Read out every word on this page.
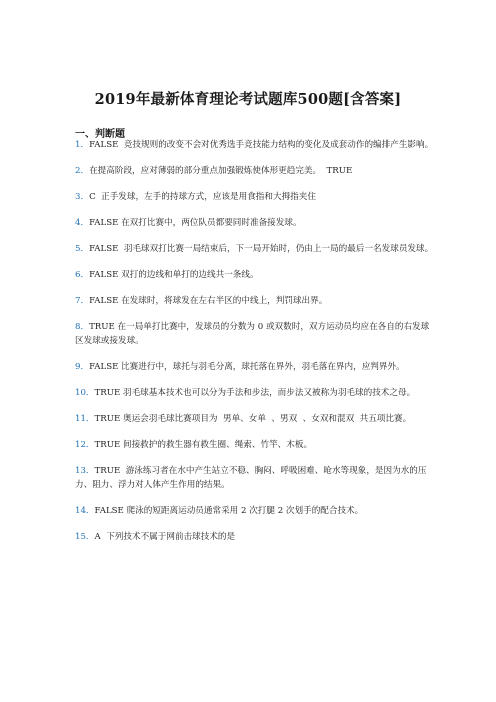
2019年最新体育理论考试题库500题[含答案]
一、判断题
1．FALSE  竞技规则的改变不会对优秀选手竞技能力结构的变化及成套动作的编排产生影响。
2．在提高阶段，应对薄弱的部分重点加强锻炼使体形更趋完美。  TRUE
3．C  正手发球，左手的持球方式，应该是用食指和大拇指夹住
4．FALSE 在双打比赛中，两位队员都要同时准备接发球。
5．FALSE  羽毛球双打比赛一局结束后，下一局开始时，仍由上一局的最后一名发球员发球。
6．FALSE 双打的边线和单打的边线共一条线。
7．FALSE 在发球时，将球发在左右半区的中线上，判罚球出界。
8．TRUE 在一局单打比赛中，发球员的分数为 0 或双数时，双方运动员均应在各自的右发球区发球或接发球。
9．FALSE 比赛进行中，球托与羽毛分离，球托落在界外，羽毛落在界内，应判界外。
10．TRUE 羽毛球基本技术也可以分为手法和步法，而步法又被称为羽毛球的技术之母。
11．TRUE 奥运会羽毛球比赛项目为  男单、女单  、男双  、女双和混双  共五项比赛。
12．TRUE 间接救护的救生器有救生圈、绳索、竹竿、木板。
13．TRUE  游泳练习者在水中产生站立不稳、胸闷、呼吸困难、呛水等现象，是因为水的压力、阻力、浮力对人体产生作用的结果。
14．FALSE 爬泳的短距离运动员通常采用 2 次打腿 2 次划手的配合技术。
15．A  下列技术不属于网前击球技术的是
